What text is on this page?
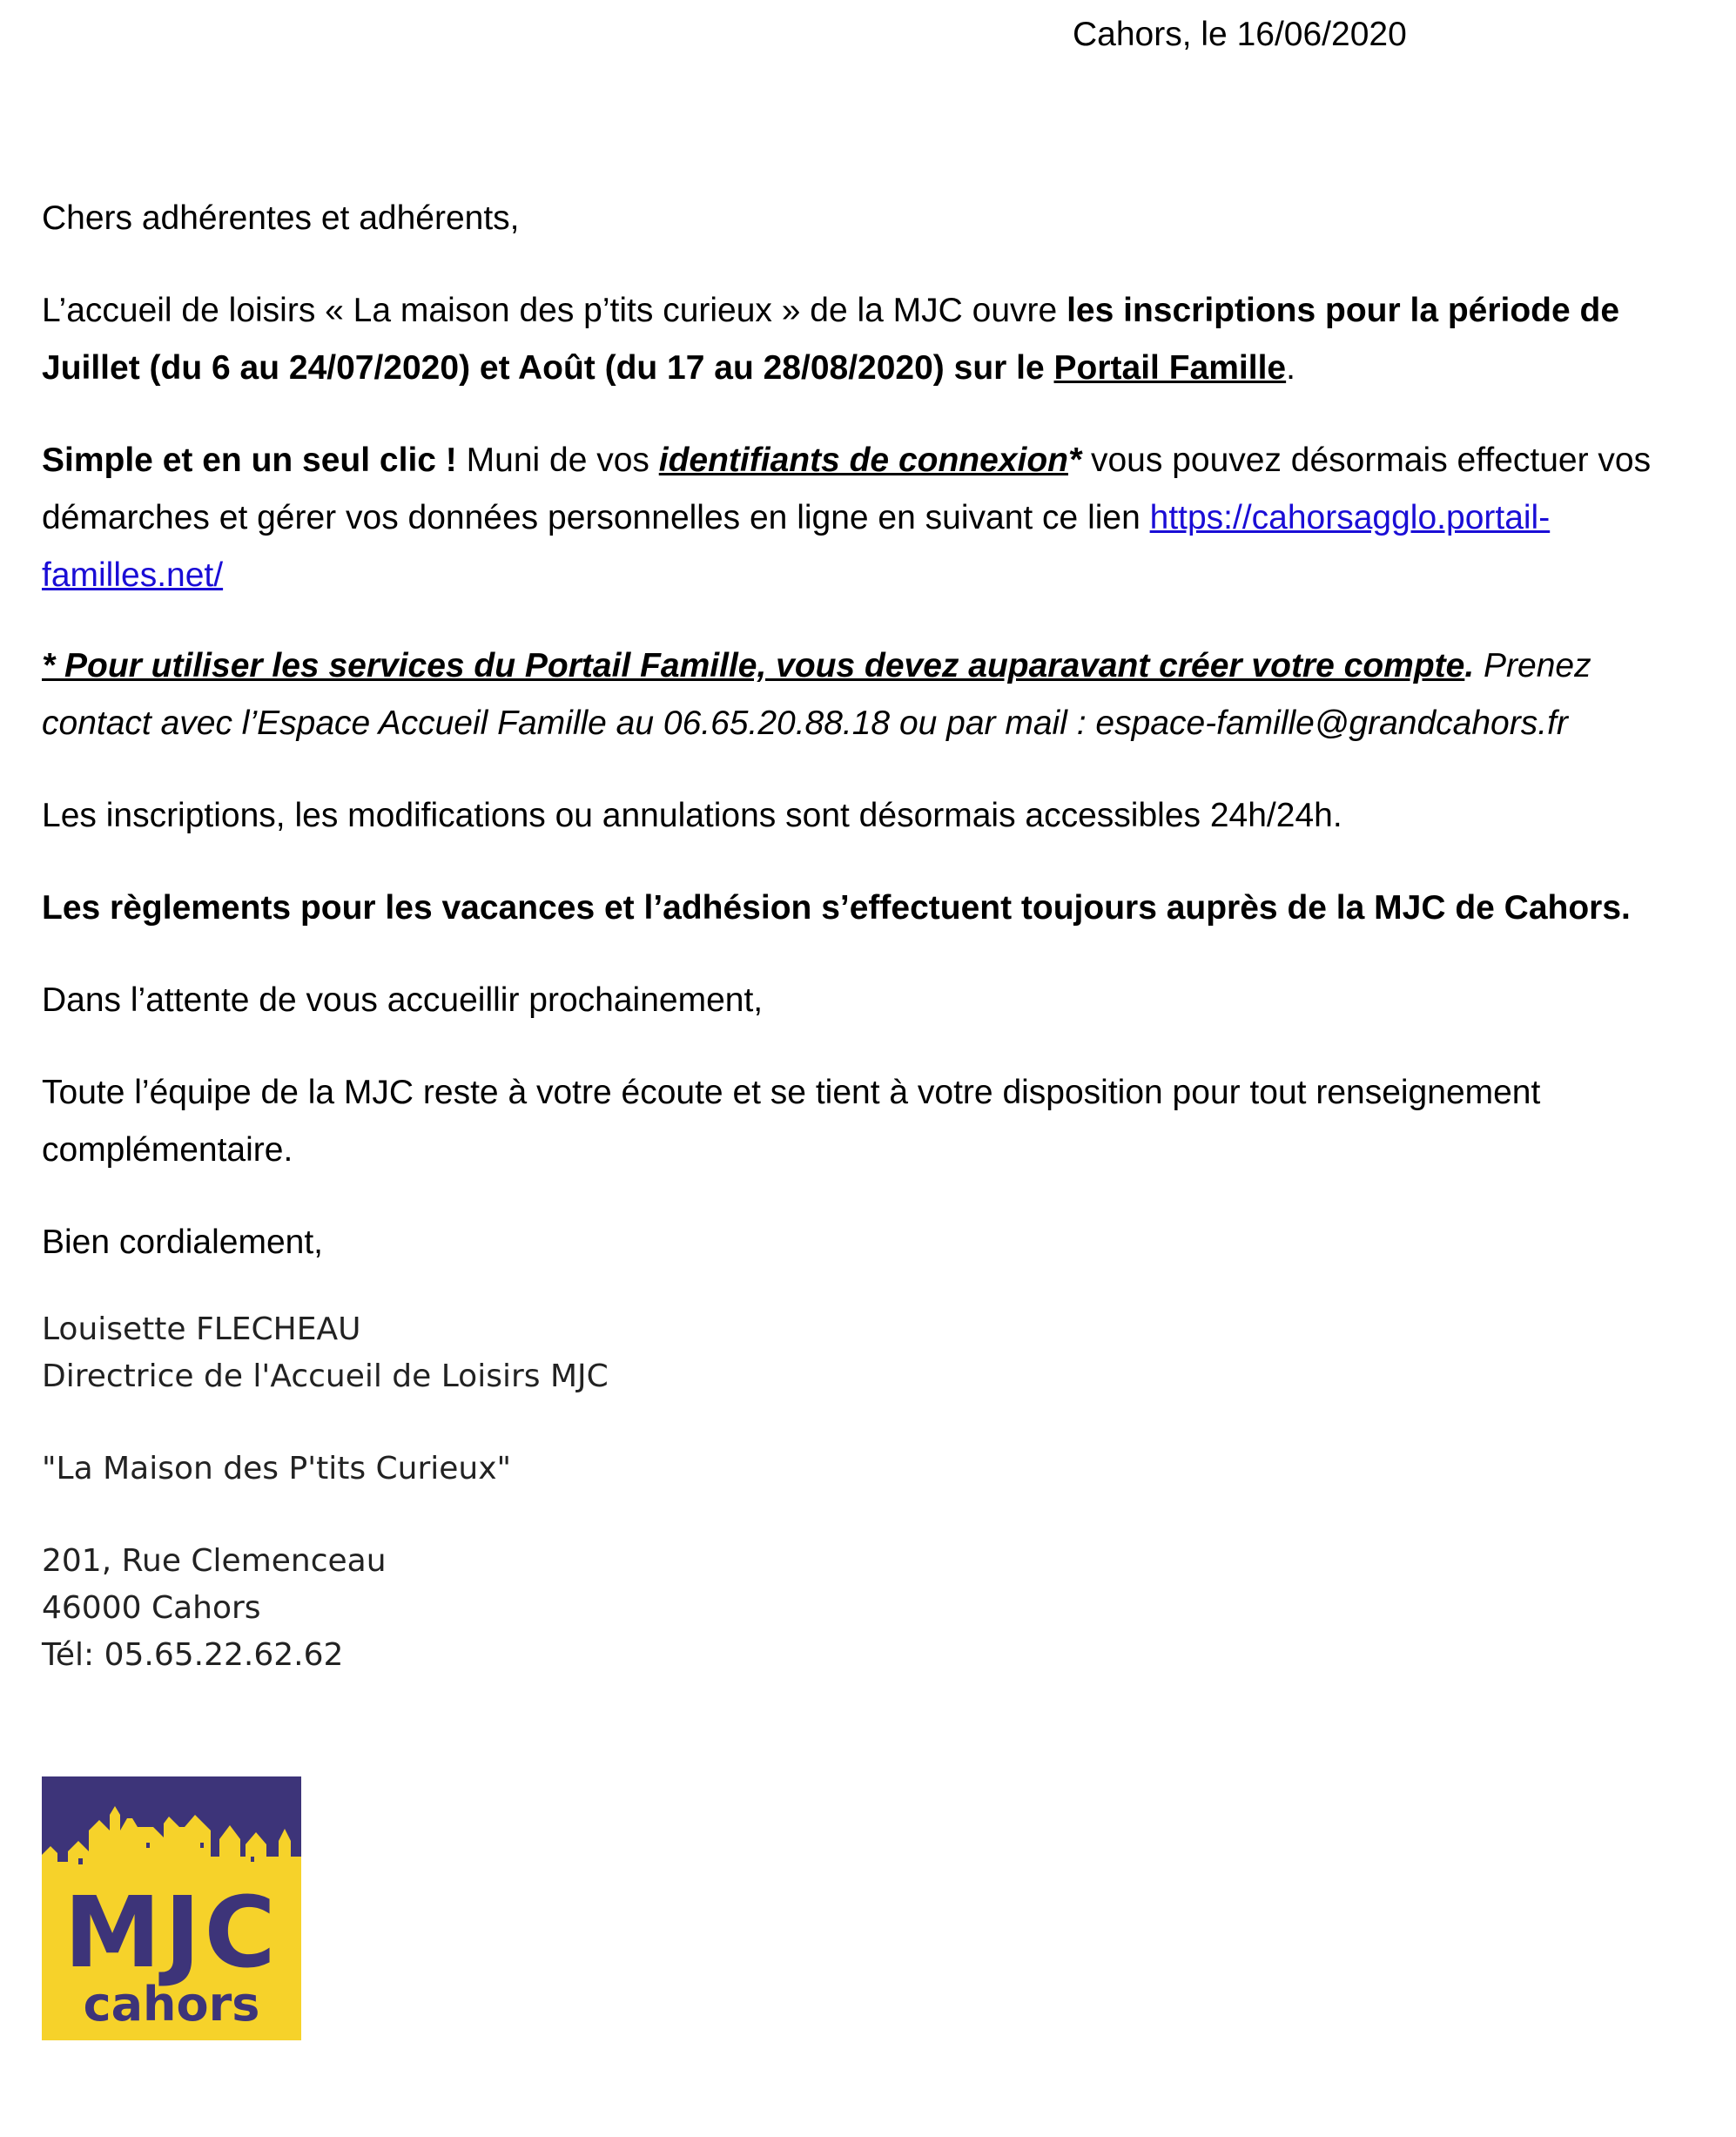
Cahors, le 16/06/2020
Chers adhérentes et adhérents,
L’accueil de loisirs « La maison des p’tits curieux » de la MJC ouvre les inscriptions pour la période de Juillet (du 6 au 24/07/2020) et Août (du 17 au 28/08/2020) sur le Portail Famille.
Simple et en un seul clic ! Muni de vos identifiants de connexion* vous pouvez désormais effectuer vos démarches et gérer vos données personnelles en ligne en suivant ce lien https://cahorsagglo.portail-familles.net/
* Pour utiliser les services du Portail Famille, vous devez auparavant créer votre compte. Prenez contact avec l’Espace Accueil Famille au 06.65.20.88.18 ou par mail : espace-famille@grandcahors.fr
Les inscriptions, les modifications ou annulations sont désormais accessibles 24h/24h.
Les règlements pour les vacances et l’adhésion s’effectuent toujours auprès de la MJC de Cahors.
Dans l’attente de vous accueillir prochainement,
Toute l’équipe de la MJC reste à votre écoute et se tient à votre disposition pour tout renseignement complémentaire.
Bien cordialement,
Louisette FLECHEAU
Directrice de l'Accueil de Loisirs MJC
"La Maison des P'tits Curieux"
201, Rue Clemenceau
46000 Cahors
Tél: 05.65.22.62.62
MJC
cahors
